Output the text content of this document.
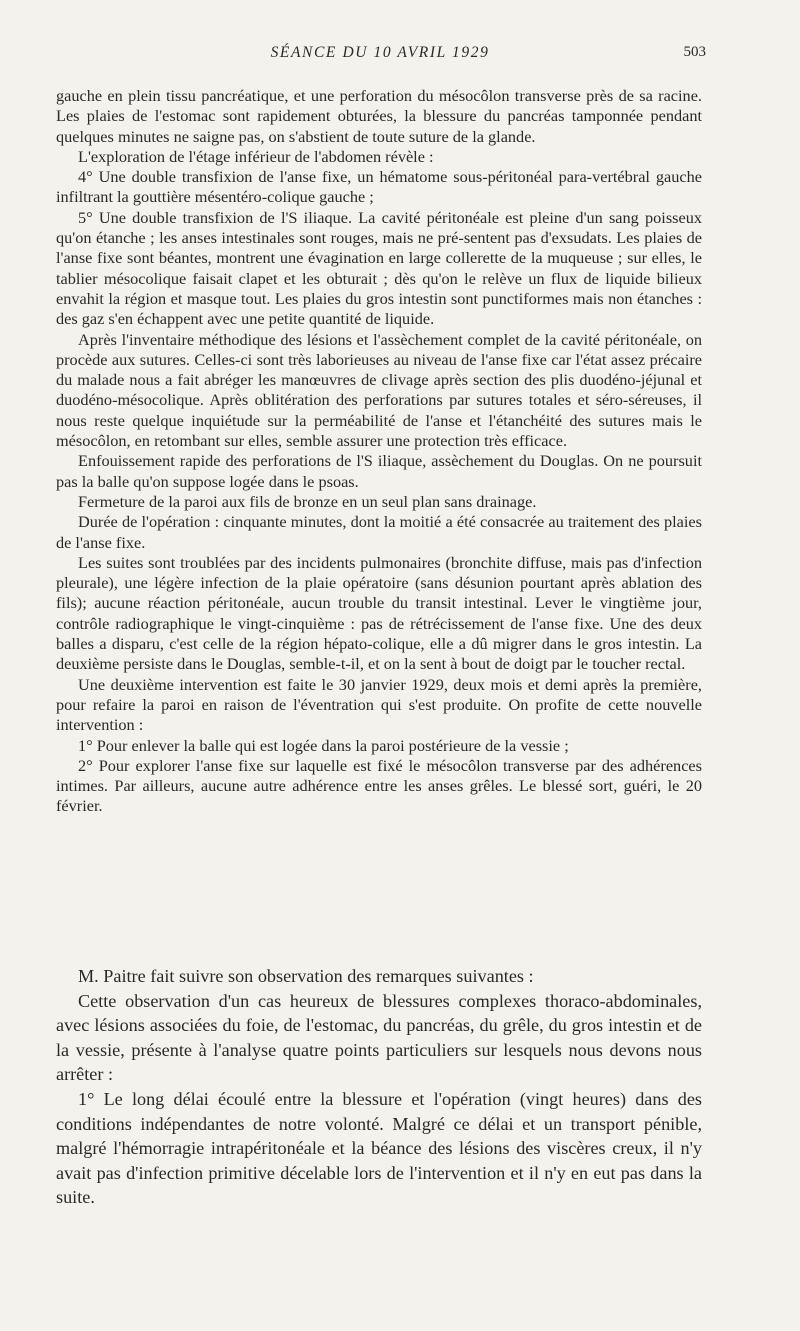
SÉANCE DU 10 AVRIL 1929	503

gauche en plein tissu pancréatique, et une perforation du mésocôlon transverse près de sa racine. Les plaies de l'estomac sont rapidement obturées, la blessure du pancréas tamponnée pendant quelques minutes ne saigne pas, on s'abstient de toute suture de la glande.

L'exploration de l'étage inférieur de l'abdomen révèle :

4° Une double transfixion de l'anse fixe, un hématome sous-péritonéal para-vertébral gauche infiltrant la gouttière mésentéro-colique gauche ;

5° Une double transfixion de l'S iliaque. La cavité péritonéale est pleine d'un sang poisseux qu'on étanche ; les anses intestinales sont rouges, mais ne pré-sentent pas d'exsudats. Les plaies de l'anse fixe sont béantes, montrent une évagination en large collerette de la muqueuse ; sur elles, le tablier mésocolique faisait clapet et les obturait ; dès qu'on le relève un flux de liquide bilieux envahit la région et masque tout. Les plaies du gros intestin sont punctiformes mais non étanches : des gaz s'en échappent avec une petite quantité de liquide.

Après l'inventaire méthodique des lésions et l'assèchement complet de la cavité péritonéale, on procède aux sutures. Celles-ci sont très laborieuses au niveau de l'anse fixe car l'état assez précaire du malade nous a fait abréger les manœuvres de clivage après section des plis duodéno-jéjunal et duodéno-mésocolique. Après oblitération des perforations par sutures totales et séro-séreuses, il nous reste quelque inquiétude sur la perméabilité de l'anse et l'étanchéité des sutures mais le mésocôlon, en retombant sur elles, semble assurer une protection très efficace.

Enfouissement rapide des perforations de l'S iliaque, assèchement du Douglas. On ne poursuit pas la balle qu'on suppose logée dans le psoas.

Fermeture de la paroi aux fils de bronze en un seul plan sans drainage.

Durée de l'opération : cinquante minutes, dont la moitié a été consacrée au traitement des plaies de l'anse fixe.

Les suites sont troublées par des incidents pulmonaires (bronchite diffuse, mais pas d'infection pleurale), une légère infection de la plaie opératoire (sans désunion pourtant après ablation des fils); aucune réaction péritonéale, aucun trouble du transit intestinal. Lever le vingtième jour, contrôle radiographique le vingt-cinquième : pas de rétrécissement de l'anse fixe. Une des deux balles a disparu, c'est celle de la région hépato-colique, elle a dû migrer dans le gros intestin. La deuxième persiste dans le Douglas, semble-t-il, et on la sent à bout de doigt par le toucher rectal.

Une deuxième intervention est faite le 30 janvier 1929, deux mois et demi après la première, pour refaire la paroi en raison de l'éventration qui s'est produite. On profite de cette nouvelle intervention :

1° Pour enlever la balle qui est logée dans la paroi postérieure de la vessie ;

2° Pour explorer l'anse fixe sur laquelle est fixé le mésocôlon transverse par des adhérences intimes. Par ailleurs, aucune autre adhérence entre les anses grêles. Le blessé sort, guéri, le 20 février.

M. Paitre fait suivre son observation des remarques suivantes :

Cette observation d'un cas heureux de blessures complexes thoraco-abdominales, avec lésions associées du foie, de l'estomac, du pancréas, du grêle, du gros intestin et de la vessie, présente à l'analyse quatre points particuliers sur lesquels nous devons nous arrêter :

1° Le long délai écoulé entre la blessure et l'opération (vingt heures) dans des conditions indépendantes de notre volonté. Malgré ce délai et un transport pénible, malgré l'hémorragie intrapéritonéale et la béance des lésions des viscères creux, il n'y avait pas d'infection primitive décelable lors de l'intervention et il n'y en eut pas dans la suite.
